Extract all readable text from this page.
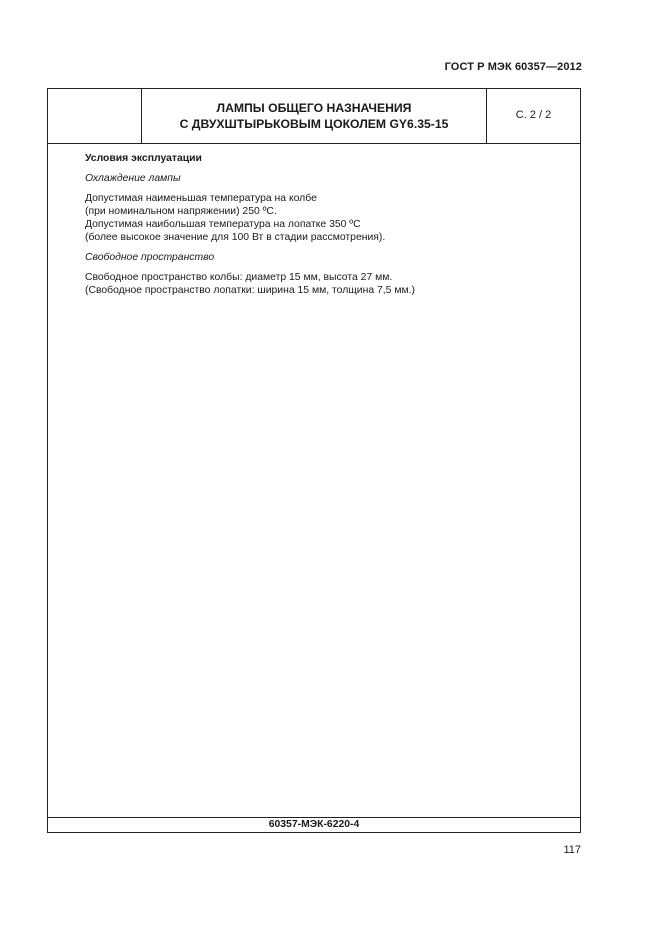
ГОСТ Р МЭК 60357—2012
ЛАМПЫ ОБЩЕГО НАЗНАЧЕНИЯ
С ДВУХШТЫРЬКОВЫМ ЦОКОЛЕМ GY6.35-15
С. 2 / 2
Условия эксплуатации
Охлаждение лампы
Допустимая наименьшая температура на колбе
(при номинальном напряжении) 250 ºС.
Допустимая наибольшая температура на лопатке 350 ºС
(более высокое значение для 100 Вт в стадии рассмотрения).
Свободное пространство
Свободное пространство колбы: диаметр 15 мм, высота 27 мм.
(Свободное пространство лопатки: ширина 15 мм, толщина 7,5 мм.)
60357-МЭК-6220-4
117
